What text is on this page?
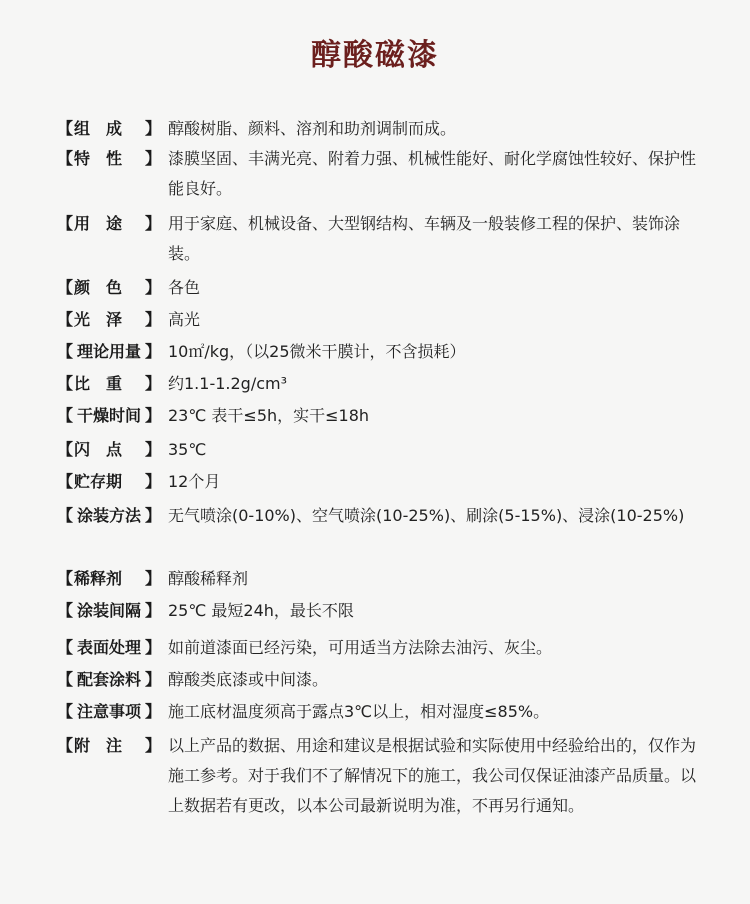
醇酸磁漆
【 组　成	】 醇酸树脂、颜料、溶剂和助剂调制而成。
【 特　性	】 漆膜坚固、丰满光亮、附着力强、机械性能好、耐化学腐蚀性较好、保护性能良好。
【 用　途	】 用于家庭、机械设备、大型钢结构、车辆及一般装修工程的保护、装饰涂装。
【 颜　色	】 各色
【 光　泽	】 高光
【 理论用量 】 10㎡/kg，（以25微米干膜计，不含损耗）
【 比　重	】 约1.1-1.2g/cm³
【 干燥时间 】 23℃ 表干≤5h，实干≤18h
【 闪　点	】 35℃
【 贮存期	】 12个月
【 涂装方法 】 无气喷涂(0-10%)、空气喷涂(10-25%)、刷涂(5-15%)、浸涂(10-25%)
【 稀释剂	】 醇酸稀释剂
【 涂装间隔 】 25℃ 最短24h，最长不限
【 表面处理 】 如前道漆面已经污染，可用适当方法除去油污、灰尘。
【 配套涂料 】 醇酸类底漆或中间漆。
【 注意事项 】 施工底材温度须高于露点3℃以上，相对湿度≤85%。
【 附　注	】 以上产品的数据、用途和建议是根据试验和实际使用中经验给出的，仅作为施工参考。对于我们不了解情况下的施工，我公司仅保证油漆产品质量。以上数据若有更改，以本公司最新说明为准，不再另行通知。
